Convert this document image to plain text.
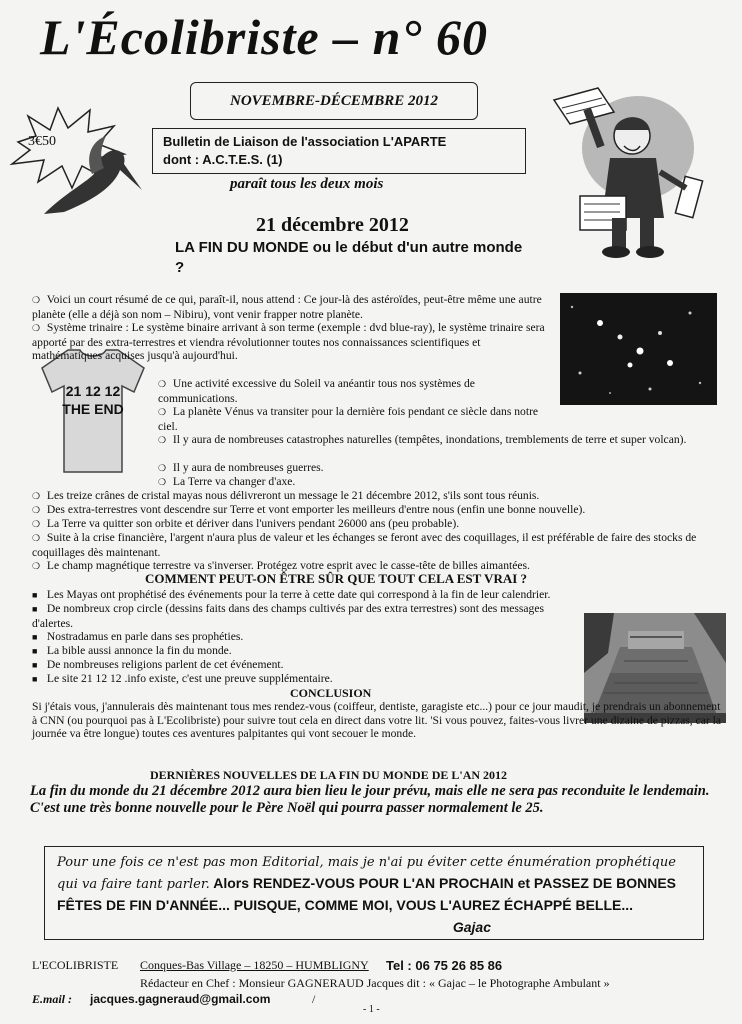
L'Écolibriste – n° 60
3€50
NOVEMBRE-DÉCEMBRE 2012
Bulletin de Liaison de l'association L'APARTE
dont : A.C.T.E.S. (1)
paraît tous les deux mois
21 décembre 2012
LA FIN DU MONDE ou le début d'un autre monde ?
21 12 12
THE END
❍ Voici un court résumé de ce qui, paraît-il, nous attend : Ce jour-là des astéroïdes, peut-être même une autre planète (elle a déjà son nom – Nibiru), vont venir frapper notre planète.
❍ Système trinaire : Le système binaire arrivant à son terme (exemple : dvd blue-ray), le système trinaire sera apporté par des extra-terrestres et viendra révolutionner toutes nos connaissances scientifiques et mathématiques acquises jusqu'à aujourd'hui.
❍ Une activité excessive du Soleil va anéantir tous nos systèmes de communications.
❍ La planète Vénus va transiter pour la dernière fois pendant ce siècle dans notre ciel.
❍ Il y aura de nombreuses catastrophes naturelles (tempêtes, inondations, tremblements de terre et super volcan).
❍ Il y aura de nombreuses guerres.
❍ La Terre va changer d'axe.
❍ Les treize crânes de cristal mayas nous délivreront un message le 21 décembre 2012, s'ils sont tous réunis.
❍ Des extra-terrestres vont descendre sur Terre et vont emporter les meilleurs d'entre nous (enfin une bonne nouvelle).
❍ La Terre va quitter son orbite et dériver dans l'univers pendant 26000 ans (peu probable).
❍ Suite à la crise financière, l'argent n'aura plus de valeur et les échanges se feront avec des coquillages, il est préférable de faire des stocks de coquillages dès maintenant.
❍ Le champ magnétique terrestre va s'inverser. Protégez votre esprit avec le casse-tête de billes aimantées.
COMMENT PEUT-ON ÊTRE SÛR QUE TOUT CELA EST VRAI ?
■ Les Mayas ont prophétisé des événements pour la terre à cette date qui correspond à la fin de leur calendrier.
■ De nombreux crop circle (dessins faits dans des champs cultivés par des extra terrestres) sont des messages d'alertes.
■ Nostradamus en parle dans ses prophéties.
■ La bible aussi annonce la fin du monde.
■ De nombreuses religions parlent de cet événement.
■ Le site 21 12 12 .info existe, c'est une preuve supplémentaire.
CONCLUSION
Si j'étais vous, j'annulerais dès maintenant tous mes rendez-vous (coiffeur, dentiste, garagiste etc...) pour ce jour maudit, je prendrais un abonnement à CNN (ou pourquoi pas à L'Ecolibriste) pour suivre tout cela en direct dans votre lit. 'Si vous pouvez, faites-vous livrer une dizaine de pizzas, car la journée va être longue) toutes ces aventures palpitantes qui vont secouer le monde.
DERNIÈRES NOUVELLES DE LA FIN DU MONDE DE L'AN 2012
La fin du monde du 21 décembre 2012 aura bien lieu le jour prévu, mais elle ne sera pas reconduite le lendemain. C'est une très bonne nouvelle pour le Père Noël qui pourra passer normalement le 25.
Pour une fois ce n'est pas mon Editorial, mais je n'ai pu éviter cette énumération prophétique qui va faire tant parler. Alors RENDEZ-VOUS POUR L'AN PROCHAIN et PASSEZ DE BONNES FÊTES DE FIN D'ANNÉE... PUISQUE, COMME MOI, VOUS L'AUREZ ÉCHAPPÉ BELLE...
Gajac
L'ECOLIBRISTE Conques-Bas Village – 18250 – HUMBLIGNY Tel : 06 75 26 85 86
Rédacteur en Chef : Monsieur GAGNERAUD Jacques dit : « Gajac – le Photographe Ambulant »
E.mail : jacques.gagneraud@gmail.com	/
- 1 -
